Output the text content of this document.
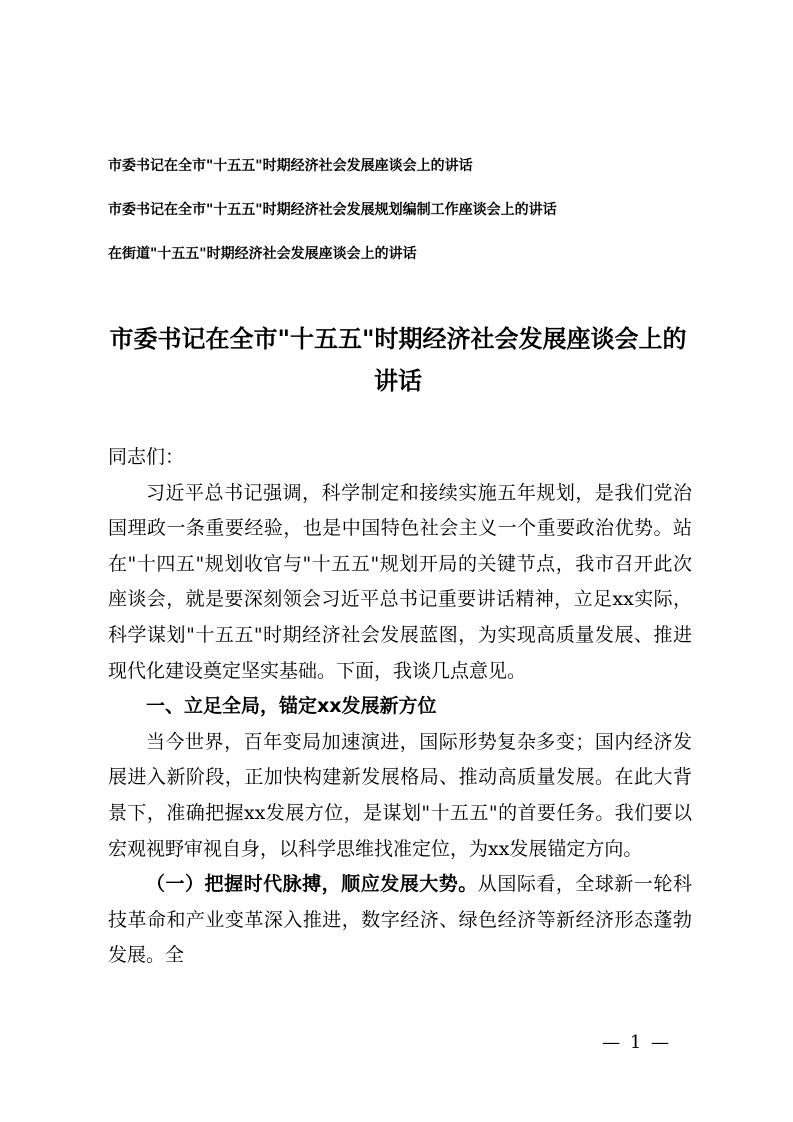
市委书记在全市"十五五"时期经济社会发展座谈会上的讲话
市委书记在全市"十五五"时期经济社会发展规划编制工作座谈会上的讲话
在街道"十五五"时期经济社会发展座谈会上的讲话
市委书记在全市"十五五"时期经济社会发展座谈会上的
讲话

同志们：

习近平总书记强调，科学制定和接续实施五年规划，是我们党治国理政一条重要经验，也是中国特色社会主义一个重要政治优势。站在"十四五"规划收官与"十五五"规划开局的关键节点，我市召开此次座谈会，就是要深刻领会习近平总书记重要讲话精神，立足xx实际，科学谋划"十五五"时期经济社会发展蓝图，为实现高质量发展、推进现代化建设奠定坚实基础。下面，我谈几点意见。

一、立足全局，锚定xx发展新方位

当今世界，百年变局加速演进，国际形势复杂多变；国内经济发展进入新阶段，正加快构建新发展格局、推动高质量发展。在此大背景下，准确把握xx发展方位，是谋划"十五五"的首要任务。我们要以宏观视野审视自身，以科学思维找准定位，为xx发展锚定方向。

（一）把握时代脉搏，顺应发展大势。从国际看，全球新一轮科技革命和产业变革深入推进，数字经济、绿色经济等新经济形态蓬勃发展。全

— 1 —
